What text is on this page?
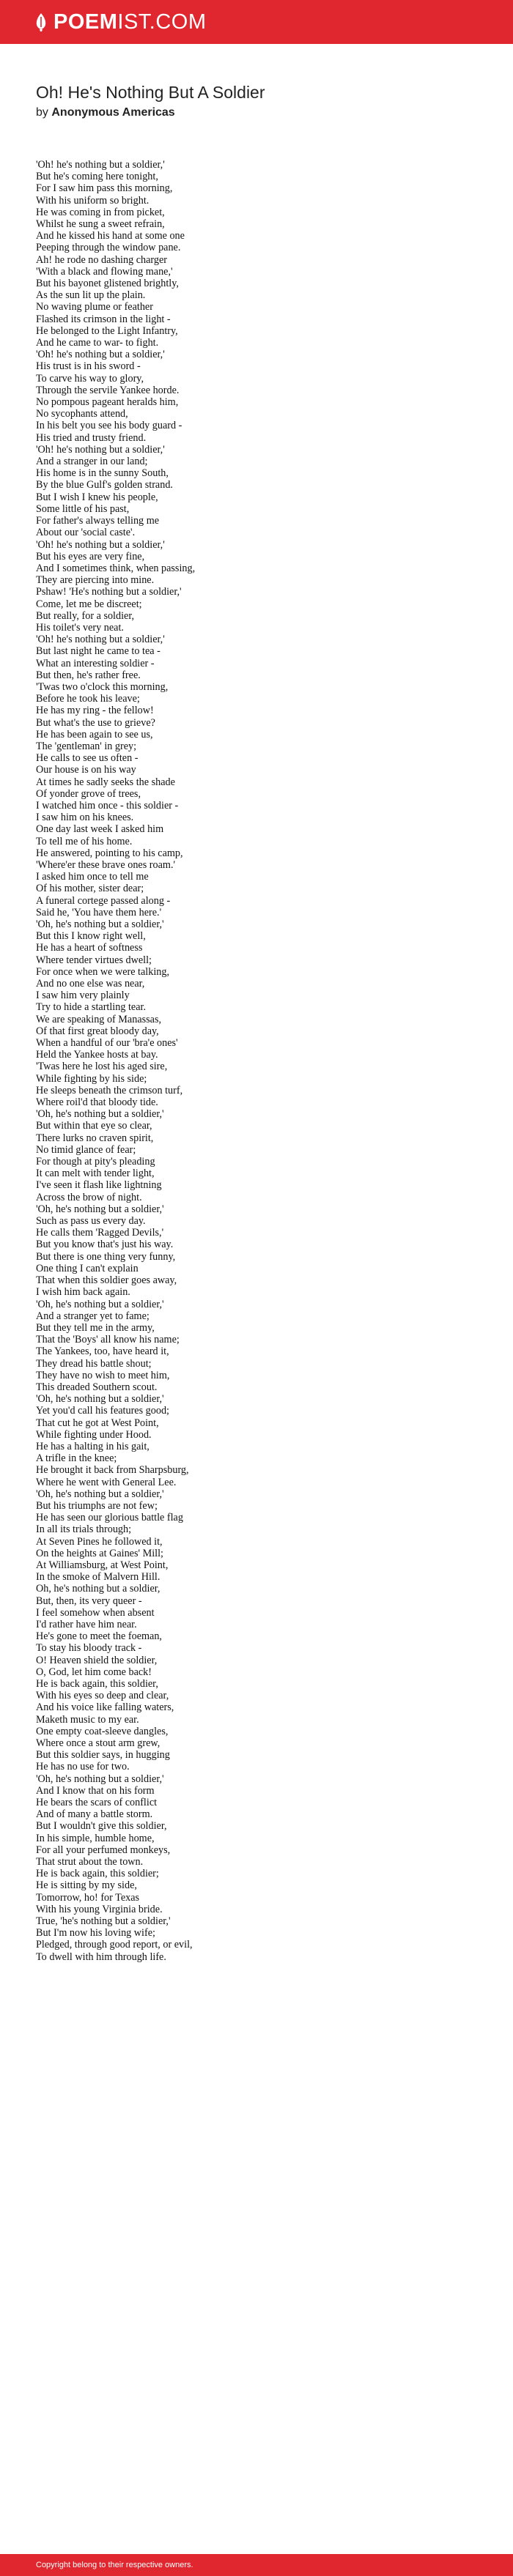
POEMIST.COM
Oh! He's Nothing But A Soldier
by Anonymous Americas
'Oh! he's nothing but a soldier,'
But he's coming here tonight,
For I saw him pass this morning,
With his uniform so bright.
He was coming in from picket,
Whilst he sung a sweet refrain,
And he kissed his hand at some one
Peeping through the window pane.
Ah! he rode no dashing charger
'With a black and flowing mane,'
But his bayonet glistened brightly,
As the sun lit up the plain.
No waving plume or feather
Flashed its crimson in the light -
He belonged to the Light Infantry,
And he came to war- to fight.
'Oh! he's nothing but a soldier,'
His trust is in his sword -
To carve his way to glory,
Through the servile Yankee horde.
No pompous pageant heralds him,
No sycophants attend,
In his belt you see his body guard -
His tried and trusty friend.
'Oh! he's nothing but a soldier,'
And a stranger in our land;
His home is in the sunny South,
By the blue Gulf's golden strand.
But I wish I knew his people,
Some little of his past,
For father's always telling me
About our 'social caste'.
'Oh! he's nothing but a soldier,'
But his eyes are very fine,
And I sometimes think, when passing,
They are piercing into mine.
Pshaw! 'He's nothing but a soldier,'
Come, let me be discreet;
But really, for a soldier,
His toilet's very neat.
'Oh! he's nothing but a soldier,'
But last night he came to tea -
What an interesting soldier -
But then, he's rather free.
'Twas two o'clock this morning,
Before he took his leave;
He has my ring - the fellow!
But what's the use to grieve?
He has been again to see us,
The 'gentleman' in grey;
He calls to see us often -
Our house is on his way
At times he sadly seeks the shade
Of yonder grove of trees,
I watched him once - this soldier -
I saw him on his knees.
One day last week I asked him
To tell me of his home.
He answered, pointing to his camp,
'Where'er these brave ones roam.'
I asked him once to tell me
Of his mother, sister dear;
A funeral cortege passed along -
Said he, 'You have them here.'
'Oh, he's nothing but a soldier,'
But this I know right well,
He has a heart of softness
Where tender virtues dwell;
For once when we were talking,
And no one else was near,
I saw him very plainly
Try to hide a startling tear.
We are speaking of Manassas,
Of that first great bloody day,
When a handful of our 'bra'e ones'
Held the Yankee hosts at bay.
'Twas here he lost his aged sire,
While fighting by his side;
He sleeps beneath the crimson turf,
Where roil'd that bloody tide.
'Oh, he's nothing but a soldier,'
But within that eye so clear,
There lurks no craven spirit,
No timid glance of fear;
For though at pity's pleading
It can melt with tender light,
I've seen it flash like lightning
Across the brow of night.
'Oh, he's nothing but a soldier,'
Such as pass us every day.
He calls them 'Ragged Devils,'
But you know that's just his way.
But there is one thing very funny,
One thing I can't explain
That when this soldier goes away,
I wish him back again.
'Oh, he's nothing but a soldier,'
And a stranger yet to fame;
But they tell me in the army,
That the 'Boys' all know his name;
The Yankees, too, have heard it,
They dread his battle shout;
They have no wish to meet him,
This dreaded Southern scout.
'Oh, he's nothing but a soldier,'
Yet you'd call his features good;
That cut he got at West Point,
While fighting under Hood.
He has a halting in his gait,
A trifle in the knee;
He brought it back from Sharpsburg,
Where he went with General Lee.
'Oh, he's nothing but a soldier,'
But his triumphs are not few;
He has seen our glorious battle flag
In all its trials through;
At Seven Pines he followed it,
On the heights at Gaines' Mill;
At Williamsburg, at West Point,
In the smoke of Malvern Hill.
Oh, he's nothing but a soldier,
But, then, its very queer -
I feel somehow when absent
I'd rather have him near.
He's gone to meet the foeman,
To stay his bloody track -
O! Heaven shield the soldier,
O, God, let him come back!
He is back again, this soldier,
With his eyes so deep and clear,
And his voice like falling waters,
Maketh music to my ear.
One empty coat-sleeve dangles,
Where once a stout arm grew,
But this soldier says, in hugging
He has no use for two.
'Oh, he's nothing but a soldier,'
And I know that on his form
He bears the scars of conflict
And of many a battle storm.
But I wouldn't give this soldier,
In his simple, humble home,
For all your perfumed monkeys,
That strut about the town.
He is back again, this soldier;
He is sitting by my side,
Tomorrow, ho! for Texas
With his young Virginia bride.
True, 'he's nothing but a soldier,'
But I'm now his loving wife;
Pledged, through good report, or evil,
To dwell with him through life.
Copyright belong to their respective owners.
